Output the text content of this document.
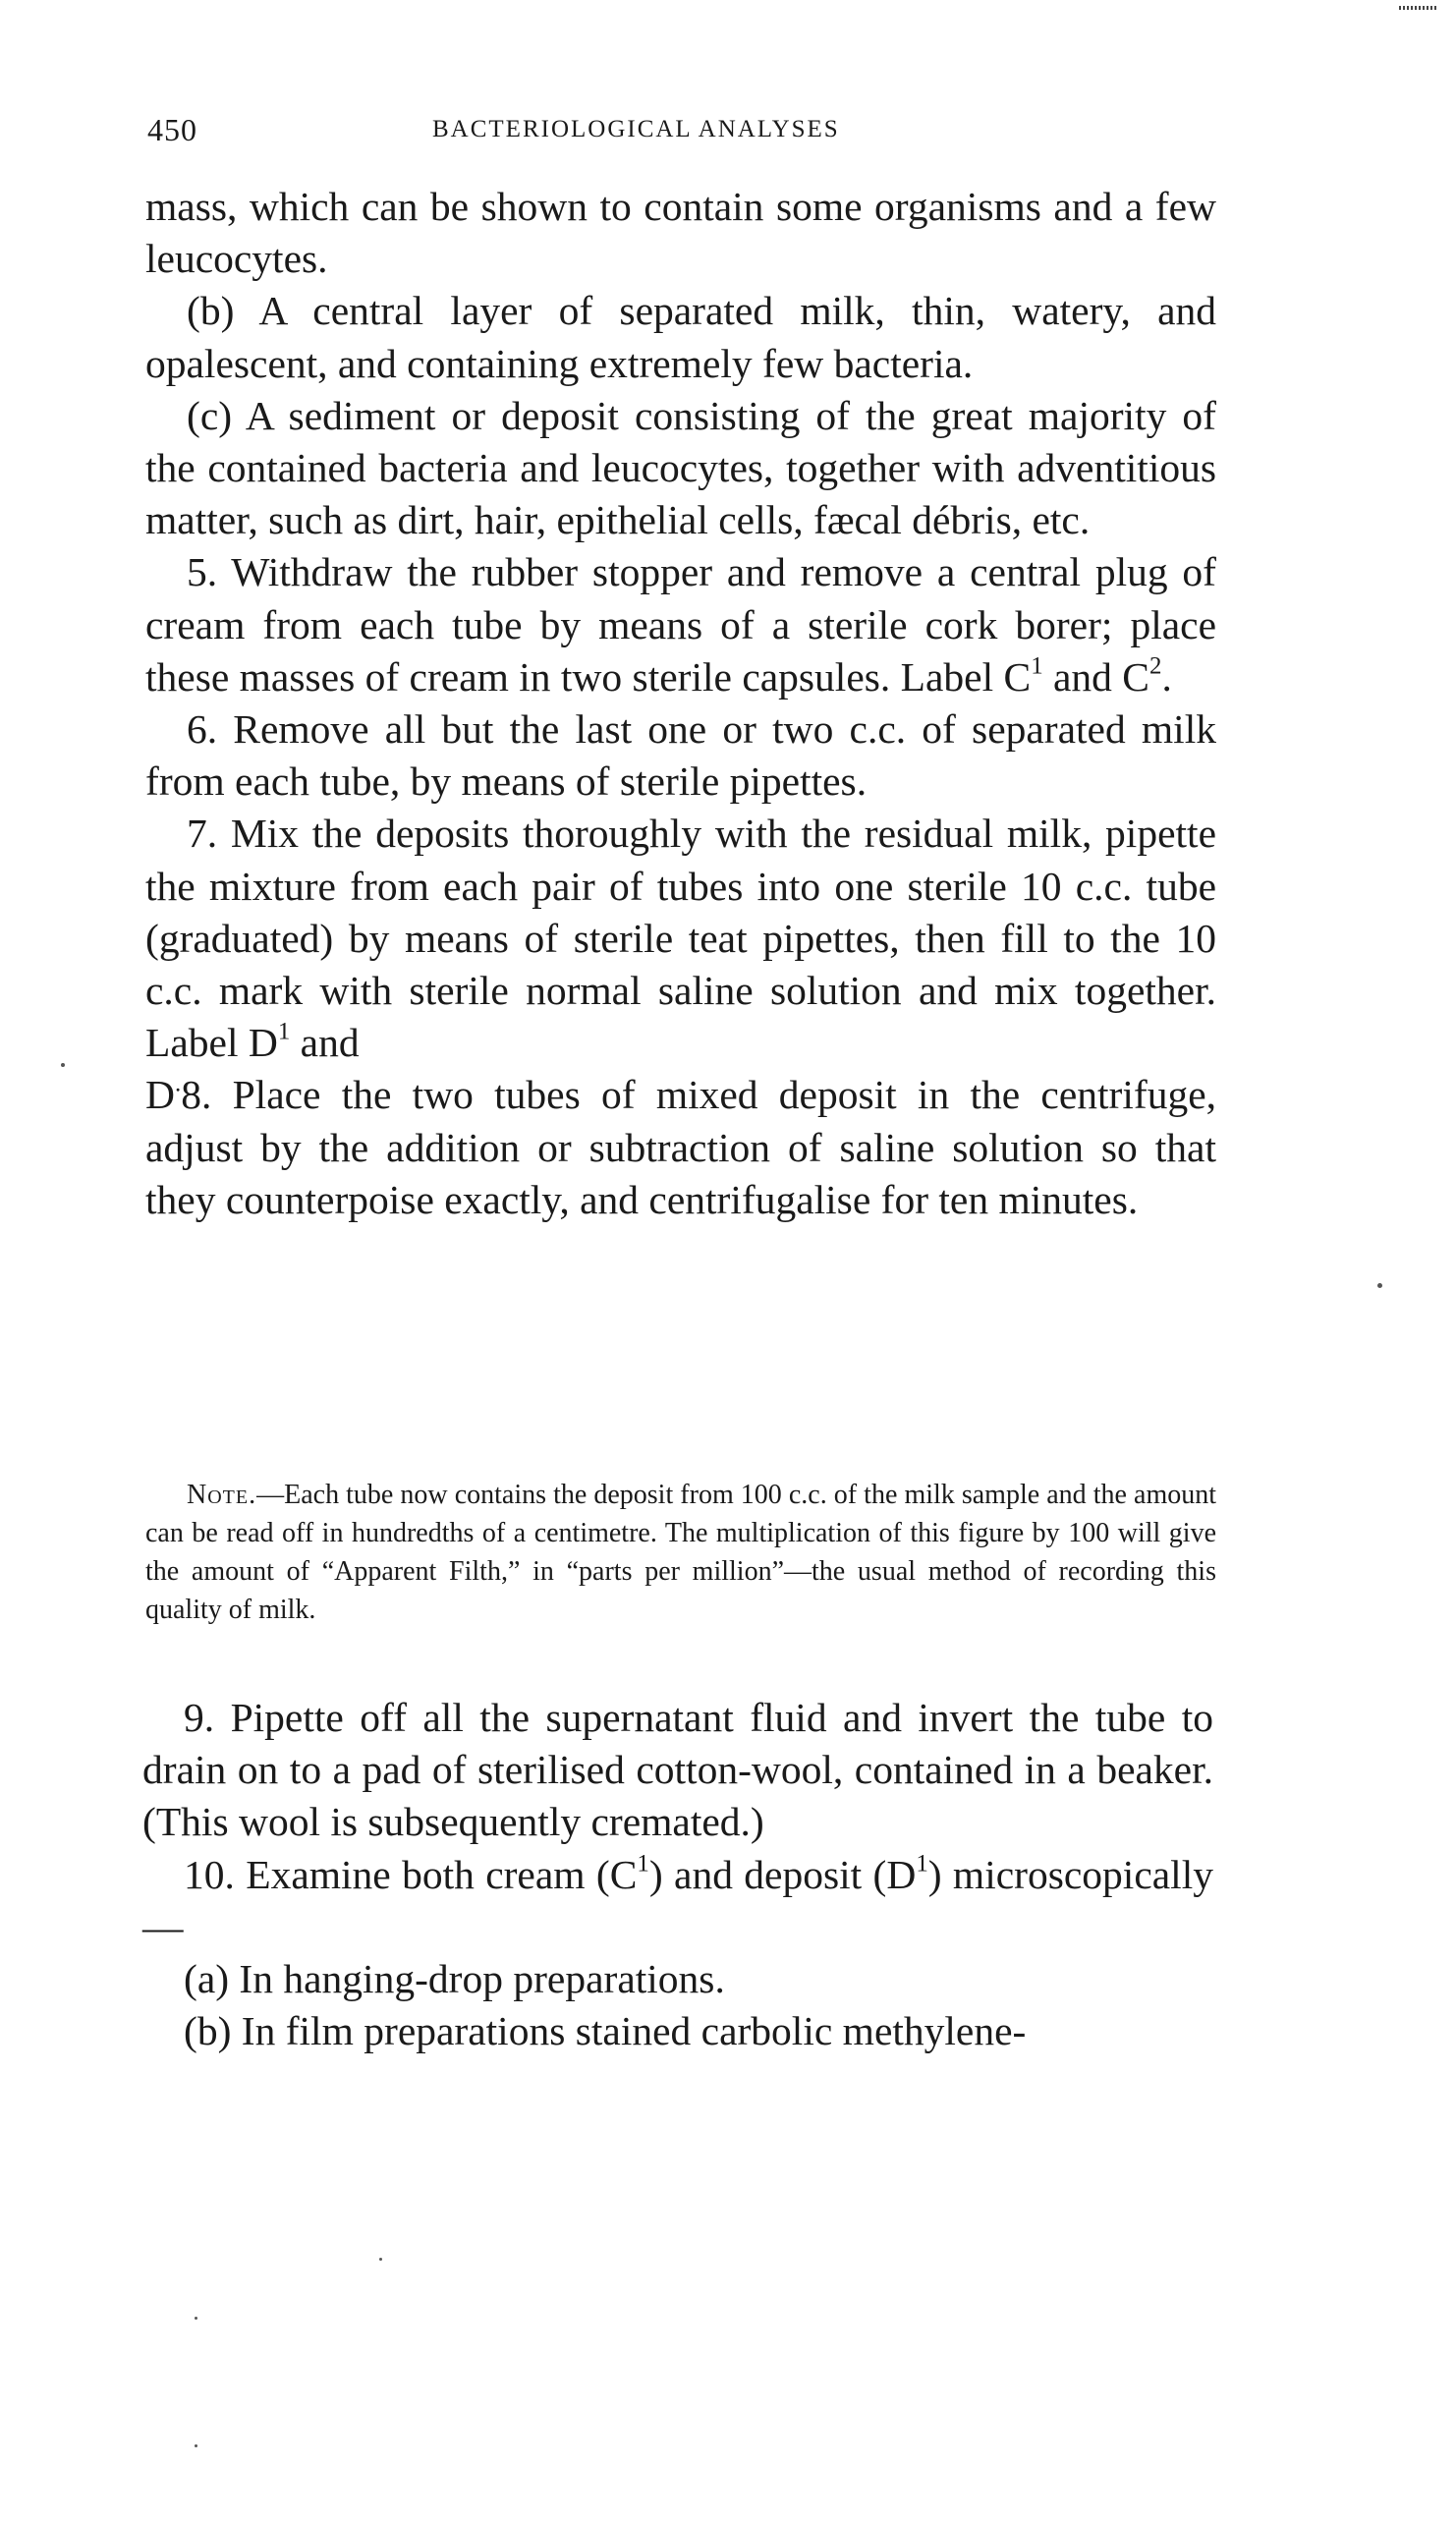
450	BACTERIOLOGICAL ANALYSES

mass, which can be shown to contain some organisms and a few leucocytes.

(b) A central layer of separated milk, thin, watery, and opalescent, and containing extremely few bacteria.

(c) A sediment or deposit consisting of the great majority of the contained bacteria and leucocytes, together with adventitious matter, such as dirt, hair, epithelial cells, fæcal débris, etc.

5. Withdraw the rubber stopper and remove a central plug of cream from each tube by means of a sterile cork borer; place these masses of cream in two sterile capsules. Label $C^1$ and $C^2$.

6. Remove all but the last one or two c.c. of separated milk from each tube, by means of sterile pipettes.

7. Mix the deposits thoroughly with the residual milk, pipette the mixture from each pair of tubes into one sterile 10 c.c. tube (graduated) by means of sterile teat pipettes, then fill to the 10 c.c. mark with sterile normal saline solution and mix together. Label $D^1$ and

D.8. Place the two tubes of mixed deposit in the centrifuge, adjust by the addition or subtraction of saline solution so that they counterpoise exactly, and centrifugalise for ten minutes.

Note.—Each tube now contains the deposit from 100 c.c. of the milk sample and the amount can be read off in hundredths of a centimetre. The multiplication of this figure by 100 will give the amount of “Apparent Filth,” in “parts per million”—the usual method of recording this quality of milk.

9. Pipette off all the supernatant fluid and invert the tube to drain on to a pad of sterilised cotton-wool, contained in a beaker. (This wool is subsequently cremated.)

10. Examine both cream $(C^1)$ and deposit $(D^1)$ microscopically—

(a) In hanging-drop preparations.

(b) In film preparations stained carbolic methylene-
